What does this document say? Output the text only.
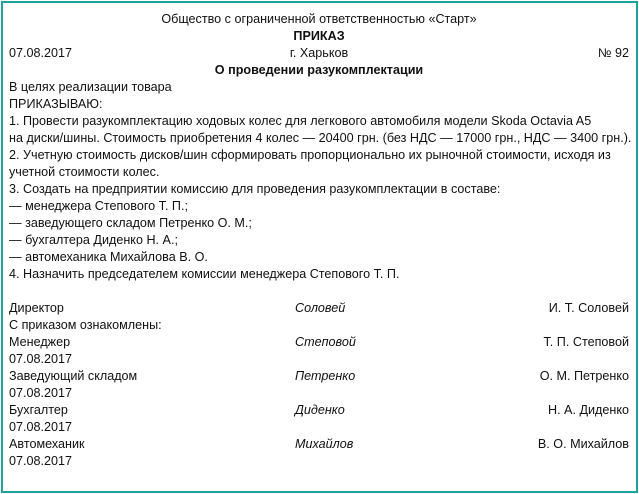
Общество с ограниченной ответственностью «Старт»
ПРИКАЗ
07.08.2017	г. Харьков	№ 92
О проведении разукомплектации
В целях реализации товара
ПРИКАЗЫВАЮ:
1. Провести разукомплектацию ходовых колес для легкового автомобиля модели Skoda Octavia A5
на диски/шины. Стоимость приобретения 4 колес — 20400 грн. (без НДС — 17000 грн., НДС — 3400 грн.).
2. Учетную стоимость дисков/шин сформировать пропорционально их рыночной стоимости, исходя из
учетной стоимости колес.
3. Создать на предприятии комиссию для проведения разукомплектации в составе:
— менеджера Степового Т. П.;
— заведующего складом Петренко О. М.;
— бухгалтера Диденко Н. А.;
— автомеханика Михайлова В. О.
4. Назначить председателем комиссии менеджера Степового Т. П.
Директор	Соловей	И. Т. Соловей
С приказом ознакомлены:
Менеджер	Степовой	Т. П. Степовой
07.08.2017
Заведующий складом	Петренко	О. М. Петренко
07.08.2017
Бухгалтер	Диденко	Н. А. Диденко
07.08.2017
Автомеханик	Михайлов	В. О. Михайлов
07.08.2017
